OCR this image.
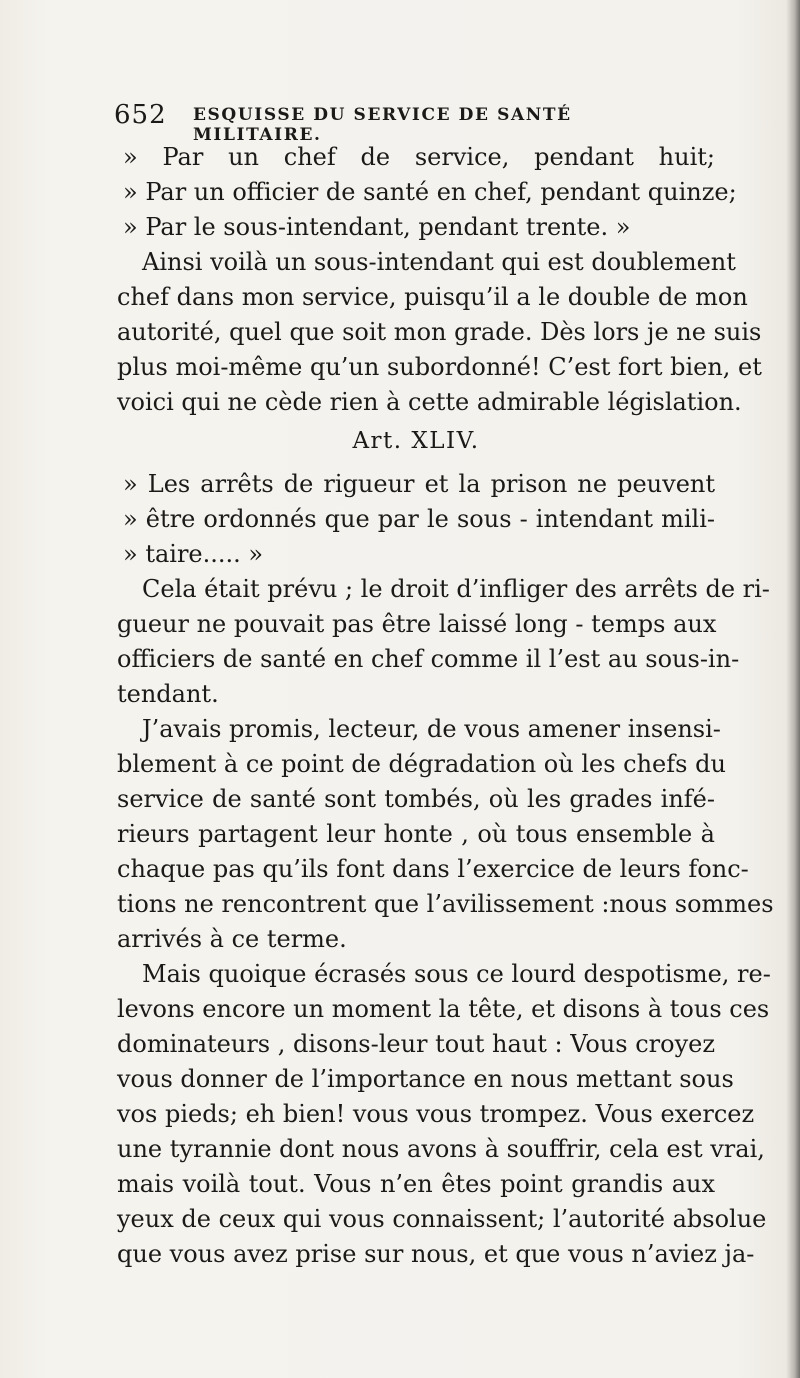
652 ESQUISSE DU SERVICE DE SANTÉ MILITAIRE.
» Par un chef de service, pendant huit;
» Par un officier de santé en chef, pendant quinze;
» Par le sous-intendant, pendant trente. »
Ainsi voilà un sous-intendant qui est doublement
chef dans mon service, puisqu’il a le double de mon
autorité, quel que soit mon grade. Dès lors je ne suis
plus moi-même qu’un subordonné! C’est fort bien, et
voici qui ne cède rien à cette admirable législation.
Art. XLIV.
» Les arrêts de rigueur et la prison ne peuvent
» être ordonnés que par le sous - intendant mili-
» taire..... »
Cela était prévu ; le droit d’infliger des arrêts de ri-
gueur ne pouvait pas être laissé long - temps aux
officiers de santé en chef comme il l’est au sous-in-
tendant.
J’avais promis, lecteur, de vous amener insensi-
blement à ce point de dégradation où les chefs du
service de santé sont tombés, où les grades infé-
rieurs partagent leur honte , où tous ensemble à
chaque pas qu’ils font dans l’exercice de leurs fonc-
tions ne rencontrent que l’avilissement :nous sommes
arrivés à ce terme.
Mais quoique écrasés sous ce lourd despotisme, re-
levons encore un moment la tête, et disons à tous ces
dominateurs , disons-leur tout haut : Vous croyez
vous donner de l’importance en nous mettant sous
vos pieds; eh bien! vous vous trompez. Vous exercez
une tyrannie dont nous avons à souffrir, cela est vrai,
mais voilà tout. Vous n’en êtes point grandis aux
yeux de ceux qui vous connaissent; l’autorité absolue
que vous avez prise sur nous, et que vous n’aviez ja-
